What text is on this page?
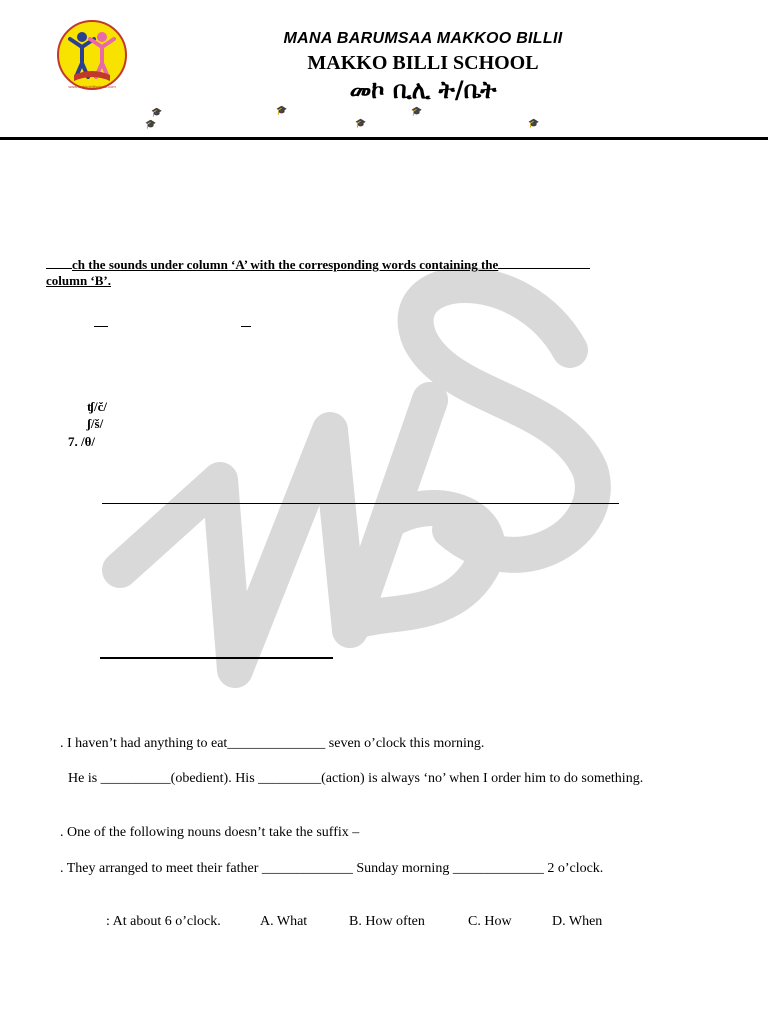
www.makkobillischool.com
MANA BARUMSAA MAKKOO BILLII
MAKKO BILLI SCHOOL
መኮ ቢሊ ት/ቤት
🎓	🎓	🎓
🎓	🎓	🎓
ch the sounds under column ‘A’ with the corresponding words containing the
column ‘B’.
ʧ/č/
ʃ/š/
7. /θ/
. I haven’t had anything to eat______________ seven o’clock this morning.
He is __________(obedient). His _________(action) is always ‘no’ when I order him to do something.
. One of the following nouns doesn’t take the suffix –
. They arranged to meet their father _____________ Sunday morning _____________ 2 o’clock.
: At about 6 o’clock.	A. What	B. How often	C. How	D. When
